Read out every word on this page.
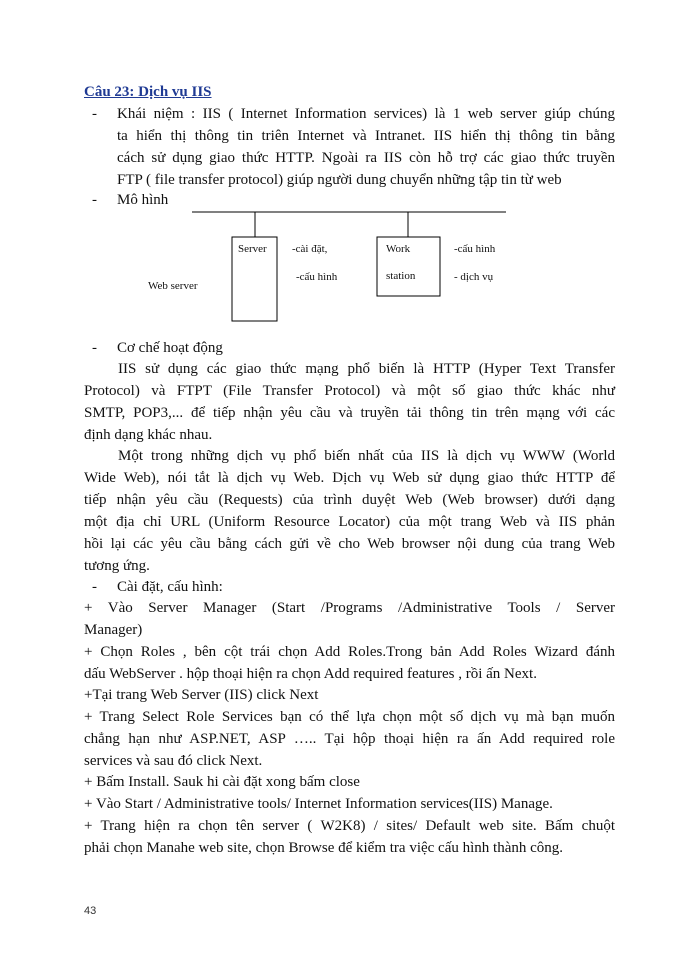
Câu 23: Dịch vụ IIS
- Khái niệm : IIS ( Internet Information services) là 1 web server giúp chúng
ta hiển thị thông tin triên Internet và Intranet. IIS hiển thị thông tin bằng
cách sử dụng giao thức HTTP. Ngoài ra IIS còn hỗ trợ các giao thức truyền
FTP ( file transfer protocol) giúp người dung chuyển những tập tin từ web
- Mô hình
Server -cài đặt,
-cấu hình
Work
station
-cấu hình
- dịch vụ
Web server
- Cơ chế hoạt động
IIS sử dụng các giao thức mạng phổ biến là HTTP (Hyper Text Transfer
Protocol) và FTPT (File Transfer Protocol) và một số giao thức khác như
SMTP, POP3,... để tiếp nhận yêu cầu và truyền tải thông tin trên mạng với các
định dạng khác nhau.
Một trong những dịch vụ phổ biến nhất của IIS là dịch vụ WWW (World
Wide Web), nói tắt là dịch vụ Web. Dịch vụ Web sử dụng giao thức HTTP để
tiếp nhận yêu cầu (Requests) của trình duyệt Web (Web browser) dưới dạng
một địa chỉ URL (Uniform Resource Locator) của một trang Web và IIS phản
hồi lại các yêu cầu bằng cách gửi về cho Web browser nội dung của trang Web
tương ứng.
- Cài đặt, cấu hình:
+ Vào Server Manager (Start /Programs /Administrative Tools / Server
Manager)
+ Chọn Roles , bên cột trái chọn Add Roles.Trong bản Add Roles Wizard đánh
dấu WebServer . hộp thoại hiện ra chọn Add required features , rồi ấn Next.
+Tại trang Web Server (IIS) click Next
+ Trang Select Role Services bạn có thể lựa chọn một số dịch vụ mà bạn muốn
chẳng hạn như ASP.NET, ASP ….. Tại hộp thoại hiện ra ấn Add required role
services và sau đó click Next.
+ Bấm Install. Sauk hi cài đặt xong bấm close
+ Vào Start / Administrative tools/ Internet Information services(IIS) Manage.
+ Trang hiện ra chọn tên server ( W2K8) / sites/ Default web site. Bấm chuột
phải chọn Manahe web site, chọn Browse để kiểm tra việc cấu hình thành công.
43
